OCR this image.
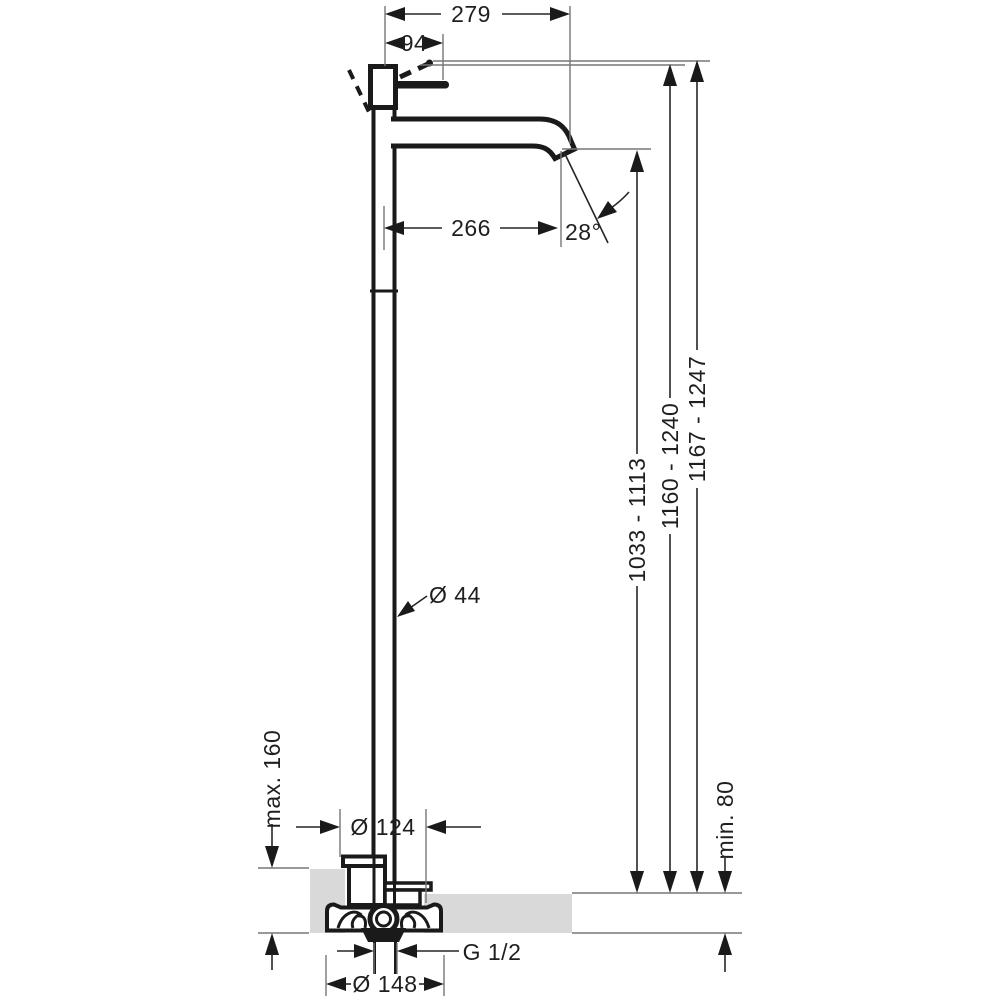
279
94
266	28°
1033 - 1113 1160 - 1240 1167 - 1247
min. 80
max. 160
Ø 44
Ø 124
G 1/2
Ø 148
